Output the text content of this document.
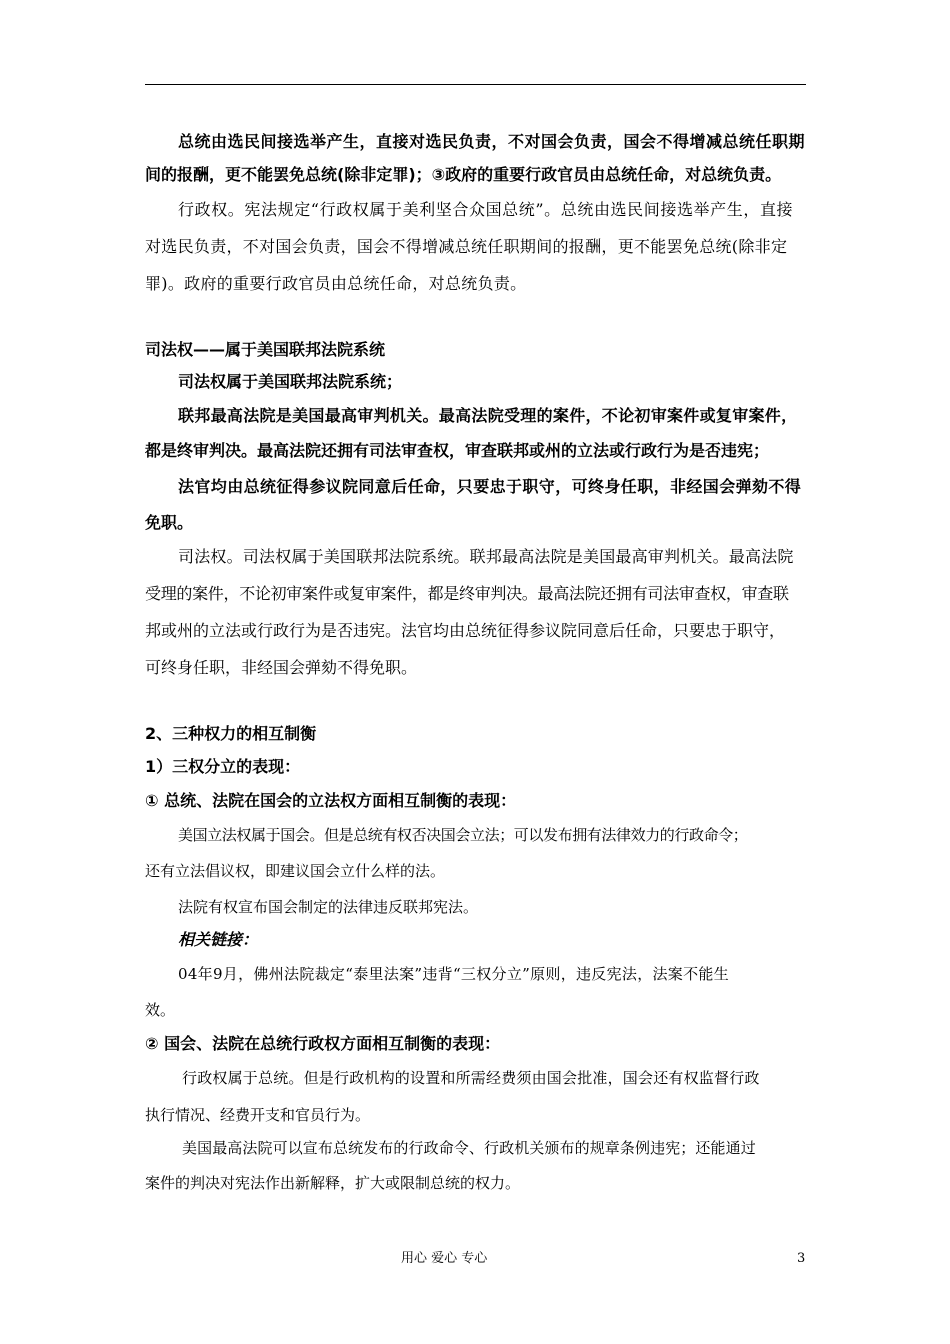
总统由选民间接选举产生，直接对选民负责，不对国会负责，国会不得增减总统任职期
间的报酬，更不能罢免总统(除非定罪)；③政府的重要行政官员由总统任命，对总统负责。
行政权。宪法规定“行政权属于美利坚合众国总统”。总统由选民间接选举产生，直接
对选民负责，不对国会负责，国会不得增减总统任职期间的报酬，更不能罢免总统(除非定
罪)。政府的重要行政官员由总统任命，对总统负责。
司法权——属于美国联邦法院系统
司法权属于美国联邦法院系统；
联邦最高法院是美国最高审判机关。最高法院受理的案件，不论初审案件或复审案件，
都是终审判决。最高法院还拥有司法审查权，审查联邦或州的立法或行政行为是否违宪；
法官均由总统征得参议院同意后任命，只要忠于职守，可终身任职，非经国会弹劾不得
免职。
司法权。司法权属于美国联邦法院系统。联邦最高法院是美国最高审判机关。最高法院
受理的案件，不论初审案件或复审案件，都是终审判决。最高法院还拥有司法审查权，审查联
邦或州的立法或行政行为是否违宪。法官均由总统征得参议院同意后任命，只要忠于职守，
可终身任职，非经国会弹劾不得免职。
2、三种权力的相互制衡
1）三权分立的表现：
① 总统、法院在国会的立法权方面相互制衡的表现：
美国立法权属于国会。但是总统有权否决国会立法；可以发布拥有法律效力的行政命令；
还有立法倡议权，即建议国会立什么样的法。
法院有权宣布国会制定的法律违反联邦宪法。
相关链接：
04年9月，佛州法院裁定“泰里法案”违背“三权分立”原则，违反宪法，法案不能生
效。
② 国会、法院在总统行政权方面相互制衡的表现：
行政权属于总统。但是行政机构的设置和所需经费须由国会批准，国会还有权监督行政
执行情况、经费开支和官员行为。
美国最高法院可以宣布总统发布的行政命令、行政机关颁布的规章条例违宪；还能通过
案件的判决对宪法作出新解释，扩大或限制总统的权力。
用心 爱心 专心	3
